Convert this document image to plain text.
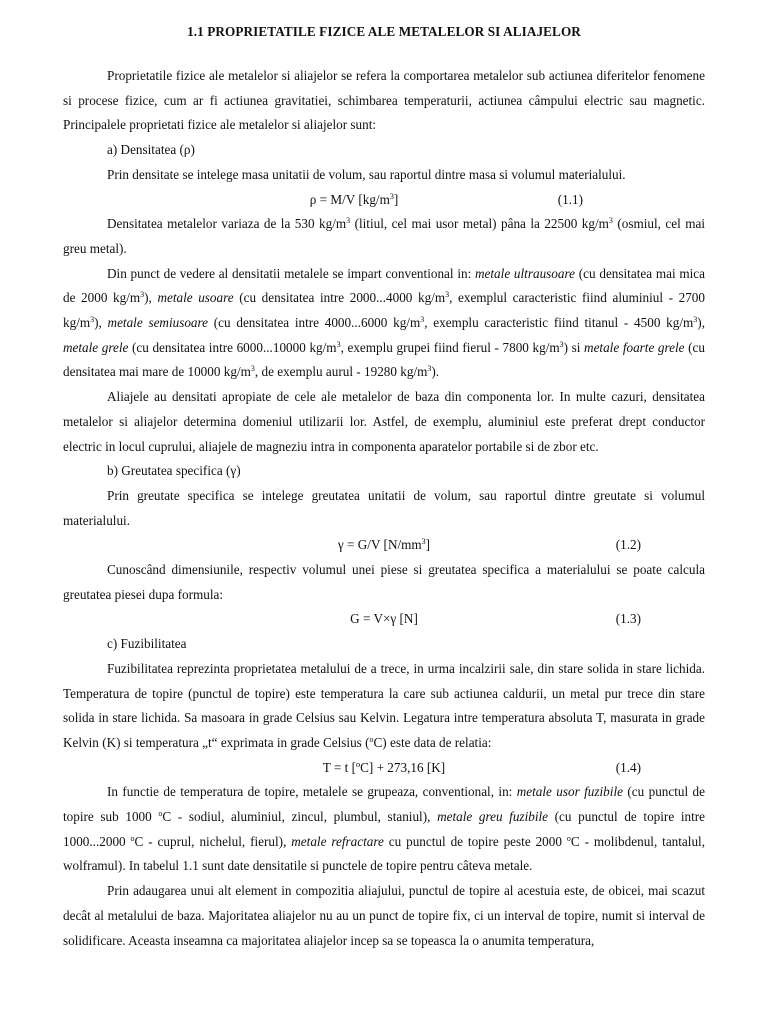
1.1 PROPRIETATILE FIZICE ALE METALELOR SI ALIAJELOR

Proprietatile fizice ale metalelor si aliajelor se refera la comportarea metalelor sub actiunea diferitelor fenomene si procese fizice, cum ar fi actiunea gravitatiei, schimbarea temperaturii, actiunea câmpului electric sau magnetic. Principalele proprietati fizice ale metalelor si aliajelor sunt:

a) Densitatea (ρ)

Prin densitate se intelege masa unitatii de volum, sau raportul dintre masa si volumul materialului.

ρ = M/V $[kg/m^3]$	(1.1)

Densitatea metalelor variaza de la 530 $kg/m^3$ (litiul, cel mai usor metal) pâna la 22500 $kg/m^3$ (osmiul, cel mai greu metal).

Din punct de vedere al densitatii metalele se impart conventional in: metale ultrausoare (cu densitatea mai mica de 2000 $kg/m^3$), metale usoare (cu densitatea intre 2000...4000 $kg/m^3$, exemplul caracteristic fiind aluminiul - 2700 $kg/m^3$), metale semiusoare (cu densitatea intre 4000...6000 $kg/m^3$, exemplu caracteristic fiind titanul - 4500 $kg/m^3$), metale grele (cu densitatea intre 6000...10000 $kg/m^3$, exemplu grupei fiind fierul - 7800 $kg/m^3$) si metale foarte grele (cu densitatea mai mare de 10000 $kg/m^3$, de exemplu aurul - 19280 $kg/m^3$).

Aliajele au densitati apropiate de cele ale metalelor de baza din componenta lor. In multe cazuri, densitatea metalelor si aliajelor determina domeniul utilizarii lor. Astfel, de exemplu, aluminiul este preferat drept conductor electric in locul cuprului, aliajele de magneziu intra in componenta aparatelor portabile si de zbor etc.

b) Greutatea specifica (γ)

Prin greutate specifica se intelege greutatea unitatii de volum, sau raportul dintre greutate si volumul materialului.

γ = G/V $[N/mm^3]$	(1.2)

Cunoscând dimensiunile, respectiv volumul unei piese si greutatea specifica a materialului se poate calcula greutatea piesei dupa formula:

G = V×γ [N]	(1.3)

c) Fuzibilitatea

Fuzibilitatea reprezinta proprietatea metalului de a trece, in urma incalzirii sale, din stare solida in stare lichida. Temperatura de topire (punctul de topire) este temperatura la care sub actiunea caldurii, un metal pur trece din stare solida in stare lichida. Sa masoara in grade Celsius sau Kelvin. Legatura intre temperatura absoluta T, masurata in grade Kelvin (K) si temperatura „t“ exprimata in grade Celsius ($^o$C) este data de relatia:

T = t [ºC] + 273,16 [K]	(1.4)

In functie de temperatura de topire, metalele se grupeaza, conventional, in: metale usor fuzibile (cu punctul de topire sub 1000 $^o$C - sodiul, aluminiul, zincul, plumbul, staniul), metale greu fuzibile (cu punctul de topire intre 1000...2000 $^o$C - cuprul, nichelul, fierul), metale refractare cu punctul de topire peste 2000 $^o$C - molibdenul, tantalul, wolframul). In tabelul 1.1 sunt date densitatile si punctele de topire pentru câteva metale.

Prin adaugarea unui alt element in compozitia aliajului, punctul de topire al acestuia este, de obicei, mai scazut decât al metalului de baza. Majoritatea aliajelor nu au un punct de topire fix, ci un interval de topire, numit si interval de solidificare. Aceasta inseamna ca majoritatea aliajelor incep sa se topeasca la o anumita temperatura,
